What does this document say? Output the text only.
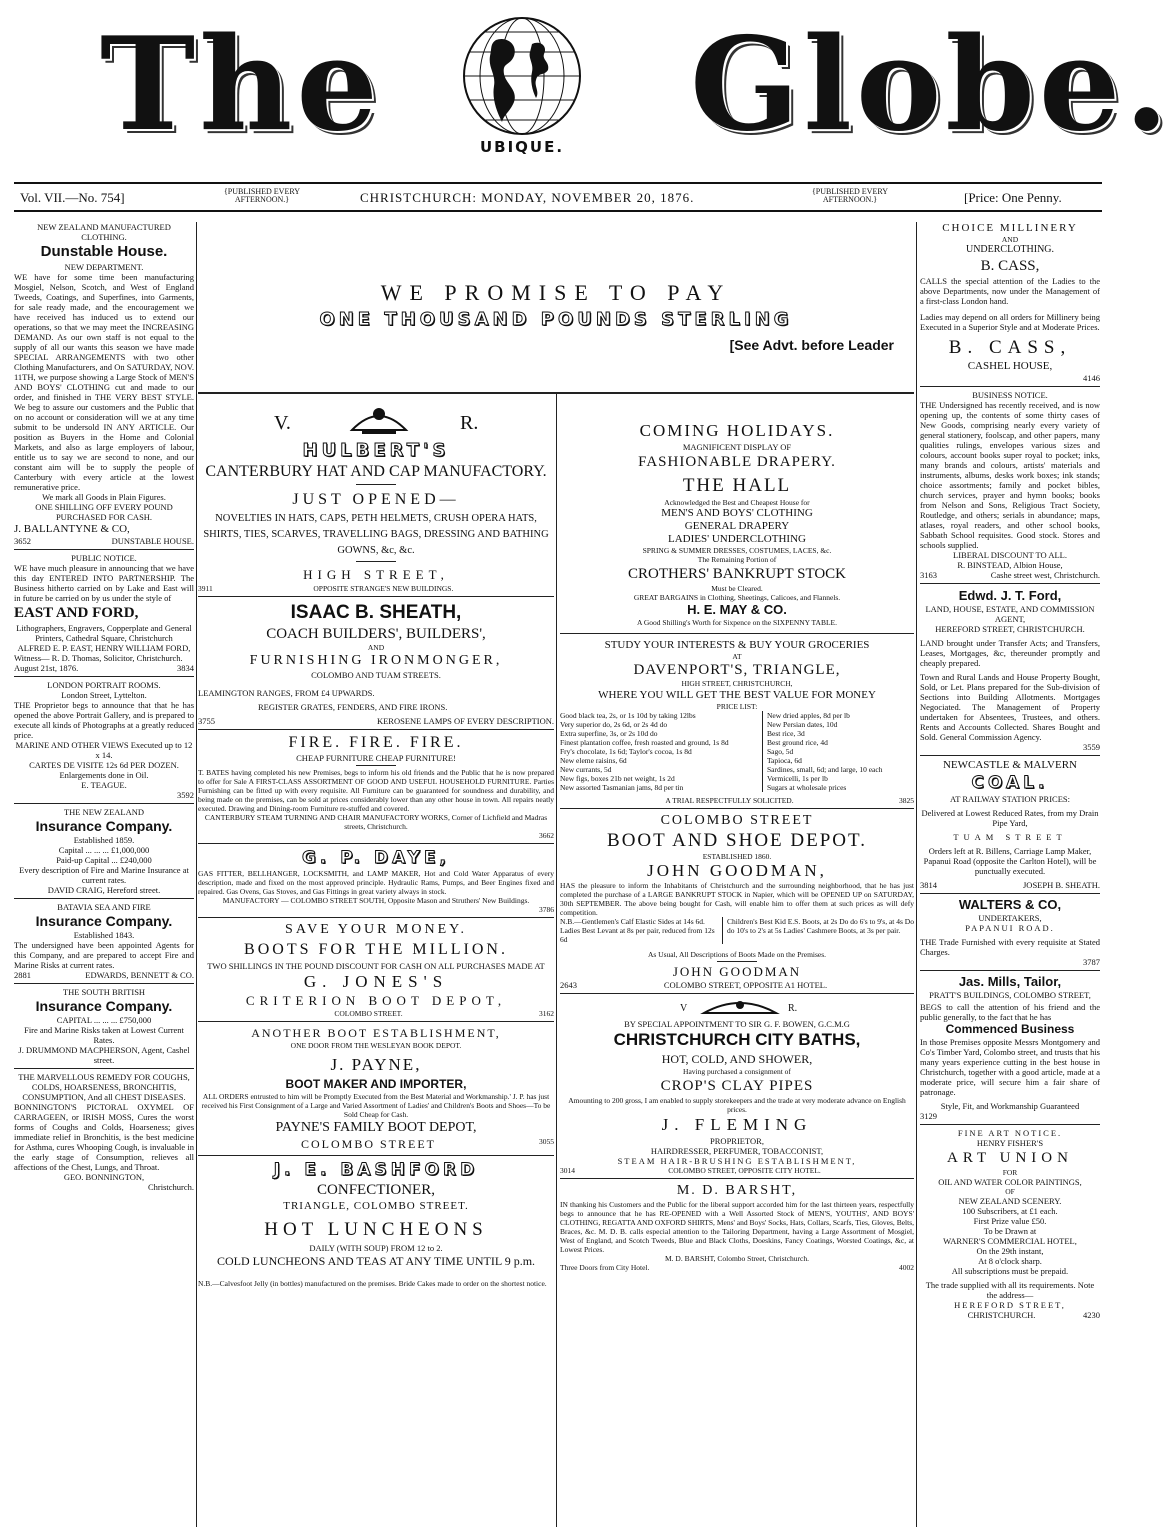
The	UBIQUE. Globe.
Vol. VII.—No. 754]	{PUBLISHED EVERY AFTERNOON.}	CHRISTCHURCH: MONDAY, NOVEMBER 20, 1876.	{PUBLISHED EVERY AFTERNOON.}	[Price: One Penny.
NEW ZEALAND MANUFACTURED CLOTHING.
Dunstable House.
NEW DEPARTMENT.

WE have for some time been manufacturing Mosgiel, Nelson, Scotch, and West of England Tweeds, Coatings, and Superfines, into Garments, for sale ready made, and the encouragement we have received has induced us to extend our operations, so that we may meet the INCREASING DEMAND. As our own staff is not equal to the supply of all our wants this season we have made SPECIAL ARRANGEMENTS with two other Clothing Manufacturers, and On SATURDAY, NOV. 11TH, we purpose showing a Large Stock of MEN'S AND BOYS' CLOTHING cut and made to our order, and finished in THE VERY BEST STYLE. We beg to assure our customers and the Public that on no account or consideration will we at any time submit to be undersold IN ANY ARTICLE. Our position as Buyers in the Home and Colonial Markets, and also as large employers of labour, entitle us to say we are second to none, and our constant aim will be to supply the people of Canterbury with every article at the lowest remunerative price.

We mark all Goods in Plain Figures.
ONE SHILLING OFF EVERY POUND PURCHASED FOR CASH.
J. BALLANTYNE & CO,
3652	DUNSTABLE HOUSE.
PUBLIC NOTICE.

WE have much pleasure in announcing that we have this day ENTERED INTO PARTNERSHIP. The Business hitherto carried on by Lake and East will in future be carried on by us under the style of

EAST AND FORD,
Lithographers, Engravers, Copperplate and General Printers, Cathedral Square, Christchurch
ALFRED E. P. EAST, HENRY WILLIAM FORD,
Witness— R. D. Thomas, Solicitor, Christchurch.
August 21st, 1876.	3834
LONDON PORTRAIT ROOMS.
London Street, Lyttelton.

THE Proprietor begs to announce that that he has opened the above Portrait Gallery, and is prepared to execute all kinds of Photographs at a greatly reduced price.

MARINE AND OTHER VIEWS Executed up to 12 x 14.
CARTES DE VISITE 12s 6d PER DOZEN.
Enlargements done in Oil.
E. TEAGUE.
3592
THE NEW ZEALAND
Insurance Company.
Established 1859.
Capital ... ... ... £1,000,000
Paid-up Capital ... £240,000

Every description of Fire and Marine Insurance at current rates.

DAVID CRAIG, Hereford street.
BATAVIA SEA AND FIRE
Insurance Company.
Established 1843.

The undersigned have been appointed Agents for this Company, and are prepared to accept Fire and Marine Risks at current rates.

2881	EDWARDS, BENNETT & CO.
THE SOUTH BRITISH
Insurance Company.
CAPITAL ... ... ... £750,000

Fire and Marine Risks taken at Lowest Current Rates.

J. DRUMMOND MACPHERSON, Agent, Cashel street.
THE MARVELLOUS REMEDY FOR COUGHS, COLDS, HOARSENESS, BRONCHITIS, CONSUMPTION, And all CHEST DISEASES.

BONNINGTON'S PICTORAL OXYMEL OF CARRAGEEN, or IRISH MOSS, Cures the worst forms of Coughs and Colds, Hoarseness; gives immediate relief in Bronchitis, is the best medicine for Asthma, cures Whooping Cough, is invaluable in the early stage of Consumption, relieves all affections of the Chest, Lungs, and Throat.

GEO. BONNINGTON,
Christchurch.
WE PROMISE TO PAY
ONE THOUSAND POUNDS STERLING
[See Advt. before Leader
V.	R.
HULBERT'S
CANTERBURY HAT AND CAP MANUFACTORY.
JUST OPENED—
NOVELTIES IN HATS, CAPS, PETH HELMETS, CRUSH OPERA HATS, SHIRTS, TIES, SCARVES, TRAVELLING BAGS, DRESSING AND BATHING GOWNS, &c, &c.
HIGH STREET,
3911	OPPOSITE STRANGE'S NEW BUILDINGS.
ISAAC B. SHEATH,
COACH BUILDERS', BUILDERS',
AND
FURNISHING IRONMONGER,
COLOMBO AND TUAM STREETS.
LEAMINGTON RANGES, FROM £4 UPWARDS.
REGISTER GRATES, FENDERS, AND FIRE IRONS.
3755	KEROSENE LAMPS OF EVERY DESCRIPTION.
FIRE. FIRE. FIRE.
CHEAP FURNITURE CHEAP FURNITURE!

T. BATES having completed his new Premises, begs to inform his old friends and the Public that he is now prepared to offer for Sale A FIRST-CLASS ASSORTMENT OF GOOD AND USEFUL HOUSEHOLD FURNITURE. Parties Furnishing can be fitted up with every requisite. All Furniture can be guaranteed for soundness and durability, and being made on the premises, can be sold at prices considerably lower than any other house in town. All repairs neatly executed. Drawing and Dining-room Furniture re-stuffed and covered.

CANTERBURY STEAM TURNING AND CHAIR MANUFACTORY WORKS, Corner of Lichfield and Madras streets, Christchurch.
3662
G. P. DAYE,

GAS FITTER, BELLHANGER, LOCKSMITH, and LAMP MAKER, Hot and Cold Water Apparatus of every description, made and fixed on the most approved principle. Hydraulic Rams, Pumps, and Beer Engines fixed and repaired. Gas Ovens, Gas Stoves, and Gas Fittings in great variety always in stock.

MANUFACTORY — COLOMBO STREET SOUTH, Opposite Mason and Struthers' New Buildings.
3786
SAVE YOUR MONEY.
BOOTS FOR THE MILLION.
TWO SHILLINGS IN THE POUND DISCOUNT FOR CASH ON ALL PURCHASES MADE AT
G. JONES'S
CRITERION BOOT DEPOT,
COLOMBO STREET.	3162
ANOTHER BOOT ESTABLISHMENT,
ONE DOOR FROM THE WESLEYAN BOOK DEPOT.
J. PAYNE,
BOOT MAKER AND IMPORTER,

ALL ORDERS entrusted to him will be Promptly Executed from the Best Material and Workmanship.' J. P. has just received his First Consignment of a Large and Varied Assortment of Ladies' and Children's Boots and Shoes—To be Sold Cheap for Cash.

PAYNE'S FAMILY BOOT DEPOT,
COLOMBO STREET	3055
J. E. BASHFORD
CONFECTIONER,
TRIANGLE, COLOMBO STREET.
HOT LUNCHEONS
DAILY (WITH SOUP) FROM 12 to 2.
COLD LUNCHEONS AND TEAS AT ANY TIME UNTIL 9 p.m.

N.B.—Calvesfoot Jelly (in bottles) manufactured on the premises. Bride Cakes made to order on the shortest notice.

COMING HOLIDAYS.
MAGNIFICENT DISPLAY OF
FASHIONABLE DRAPERY.
THE HALL
Acknowledged the Best and Cheapest House for
MEN'S AND BOYS' CLOTHING
GENERAL DRAPERY
LADIES' UNDERCLOTHING
SPRING & SUMMER DRESSES, COSTUMES, LACES, &c.
The Remaining Portion of
CROTHERS' BANKRUPT STOCK
Must be Cleared.
GREAT BARGAINS in Clothing, Sheetings, Calicoes, and Flannels.
H. E. MAY & CO.
A Good Shilling's Worth for Sixpence on the SIXPENNY TABLE.
STUDY YOUR INTERESTS & BUY YOUR GROCERIES
AT
DAVENPORT'S, TRIANGLE,
HIGH STREET, CHRISTCHURCH,
WHERE YOU WILL GET THE BEST VALUE FOR MONEY
PRICE LIST:
Good black tea, 2s, or 1s 10d by taking 12lbs
Very superior do, 2s 6d, or 2s 4d do
Extra superfine, 3s, or 2s 10d do
Finest plantation coffee, fresh roasted and ground, 1s 8d
Fry's chocolate, 1s 6d; Taylor's cocoa, 1s 8d
New eleme raisins, 6d
New currants, 5d
New figs, boxes 21b net weight, 1s 2d
New assorted Tasmanian jams, 8d per tin
New dried apples, 8d per lb
New Persian dates, 10d
Best rice, 3d
Best ground rice, 4d
Sago, 5d
Tapioca, 6d
Sardines, small, 6d; and large, 10 each
Vermicelli, 1s per lb
Sugars at wholesale prices
A TRIAL RESPECTFULLY SOLICITED.	3825
COLOMBO STREET
BOOT AND SHOE DEPOT.
ESTABLISHED 1860.
JOHN GOODMAN,

HAS the pleasure to inform the Inhabitants of Christchurch and the surrounding neighborhood, that he has just completed the purchase of a LARGE BANKRUPT STOCK in Napier, which will be OPENED UP on SATURDAY, 30th SEPTEMBER. The above being bought for Cash, will enable him to offer them at such prices as will defy competition.

N.B.—Gentlemen's Calf Elastic Sides at 14s 6d. Ladies Best Levant at 8s per pair, reduced from 12s 6d
Children's Best Kid E.S. Boots, at 2s Do do 6's to 9's, at 4s Do do 10's to 2's at 5s Ladies' Cashmere Boots, at 3s per pair.
As Usual, All Descriptions of Boots Made on the Premises.
JOHN GOODMAN
2643	COLOMBO STREET, OPPOSITE A1 HOTEL.
V	R.
BY SPECIAL APPOINTMENT TO SIR G. F. BOWEN, G.C.M.G
CHRISTCHURCH CITY BATHS,
HOT, COLD, AND SHOWER,
Having purchased a consignment of
CROP'S CLAY PIPES

Amounting to 200 gross, I am enabled to supply storekeepers and the trade at very moderate advance on English prices.

J. FLEMING
PROPRIETOR,
HAIRDRESSER, PERFUMER, TOBACCONIST,
STEAM HAIR-BRUSHING ESTABLISHMENT,
3014	COLOMBO STREET, OPPOSITE CITY HOTEL.
M. D. BARSHT,

IN thanking his Customers and the Public for the liberal support accorded him for the last thirteen years, respectfully begs to announce that he has RE-OPENED with a Well Assorted Stock of MEN'S, YOUTHS', AND BOYS' CLOTHING, REGATTA AND OXFORD SHIRTS, Mens' and Boys' Socks, Hats, Collars, Scarfs, Ties, Gloves, Belts, Braces, &c. M. D. B. calls especial attention to the Tailoring Department, having a Large Assortment of Mosgiel, West of England, and Scotch Tweeds, Blue and Black Cloths, Doeskins, Fancy Coatings, Worsted Coatings, &c, at Lowest Prices.

M. D. BARSHT, Colombo Street, Christchurch.
Three Doors from City Hotel.	4002
CHOICE MILLINERY
AND
UNDERCLOTHING.
B. CASS,

CALLS the special attention of the Ladies to the above Departments, now under the Management of a first-class London hand.

Ladies may depend on all orders for Millinery being Executed in a Superior Style and at Moderate Prices.

B. CASS,
CASHEL HOUSE,
4146
BUSINESS NOTICE.

THE Undersigned has recently received, and is now opening up, the contents of some thirty cases of New Goods, comprising nearly every variety of general stationery, foolscap, and other papers, many qualities rulings, envelopes various sizes and colours, account books super royal to pocket; inks, many brands and colours, artists' materials and instruments, albums, desks work boxes; ink stands; choice assortments; family and pocket bibles, church services, prayer and hymn books; books from Nelson and Sons, Religious Tract Society, Routledge, and others; serials in abundance; maps, atlases, royal readers, and other school books, Sabbath School requisites. Good stock. Stores and schools supplied.

LIBERAL DISCOUNT TO ALL.
R. BINSTEAD, Albion House,
3163	Cashe street west, Christchurch.
Edwd. J. T. Ford,
LAND, HOUSE, ESTATE, AND COMMISSION AGENT,
HEREFORD STREET, CHRISTCHURCH.

LAND brought under Transfer Acts; and Transfers, Leases, Mortgages, &c, thereunder promptly and cheaply prepared.

Town and Rural Lands and House Property Bought, Sold, or Let. Plans prepared for the Sub-division of Sections into Building Allotments. Mortgages Negociated. The Management of Property undertaken for Absentees, Trustees, and others. Rents and Accounts Collected. Shares Bought and Sold. General Commission Agency.

3559
NEWCASTLE & MALVERN
COAL.
AT RAILWAY STATION PRICES:

Delivered at Lowest Reduced Rates, from my Drain Pipe Yard,

TUAM STREET

Orders left at R. Billens, Carriage Lamp Maker, Papanui Road (opposite the Carlton Hotel), will be punctually executed.

3814	JOSEPH B. SHEATH.
WALTERS & CO,
UNDERTAKERS,
PAPANUI ROAD.

THE Trade Furnished with every requisite at Stated Charges.

3787
Jas. Mills, Tailor,
PRATT'S BUILDINGS, COLOMBO STREET,

BEGS to call the attention of his friend and the public generally, to the fact that he has

Commenced Business

In those Premises opposite Messrs Montgomery and Co's Timber Yard, Colombo street, and trusts that his many years experience cutting in the best house in Christchurch, together with a good article, made at a moderate price, will secure him a fair share of patronage.

Style, Fit, and Workmanship Guaranteed
3129
FINE ART NOTICE.
HENRY FISHER'S
ART UNION
FOR
OIL AND WATER COLOR PAINTINGS,
OF
NEW ZEALAND SCENERY.
100 Subscribers, at £1 each.
First Prize value £50.
To be Drawn at
WARNER'S COMMERCIAL HOTEL,
On the 29th instant,
At 8 o'clock sharp.
All subscriptions must be prepaid.
The trade supplied with all its requirements. Note the address—
HEREFORD STREET,
CHRISTCHURCH.	4230
